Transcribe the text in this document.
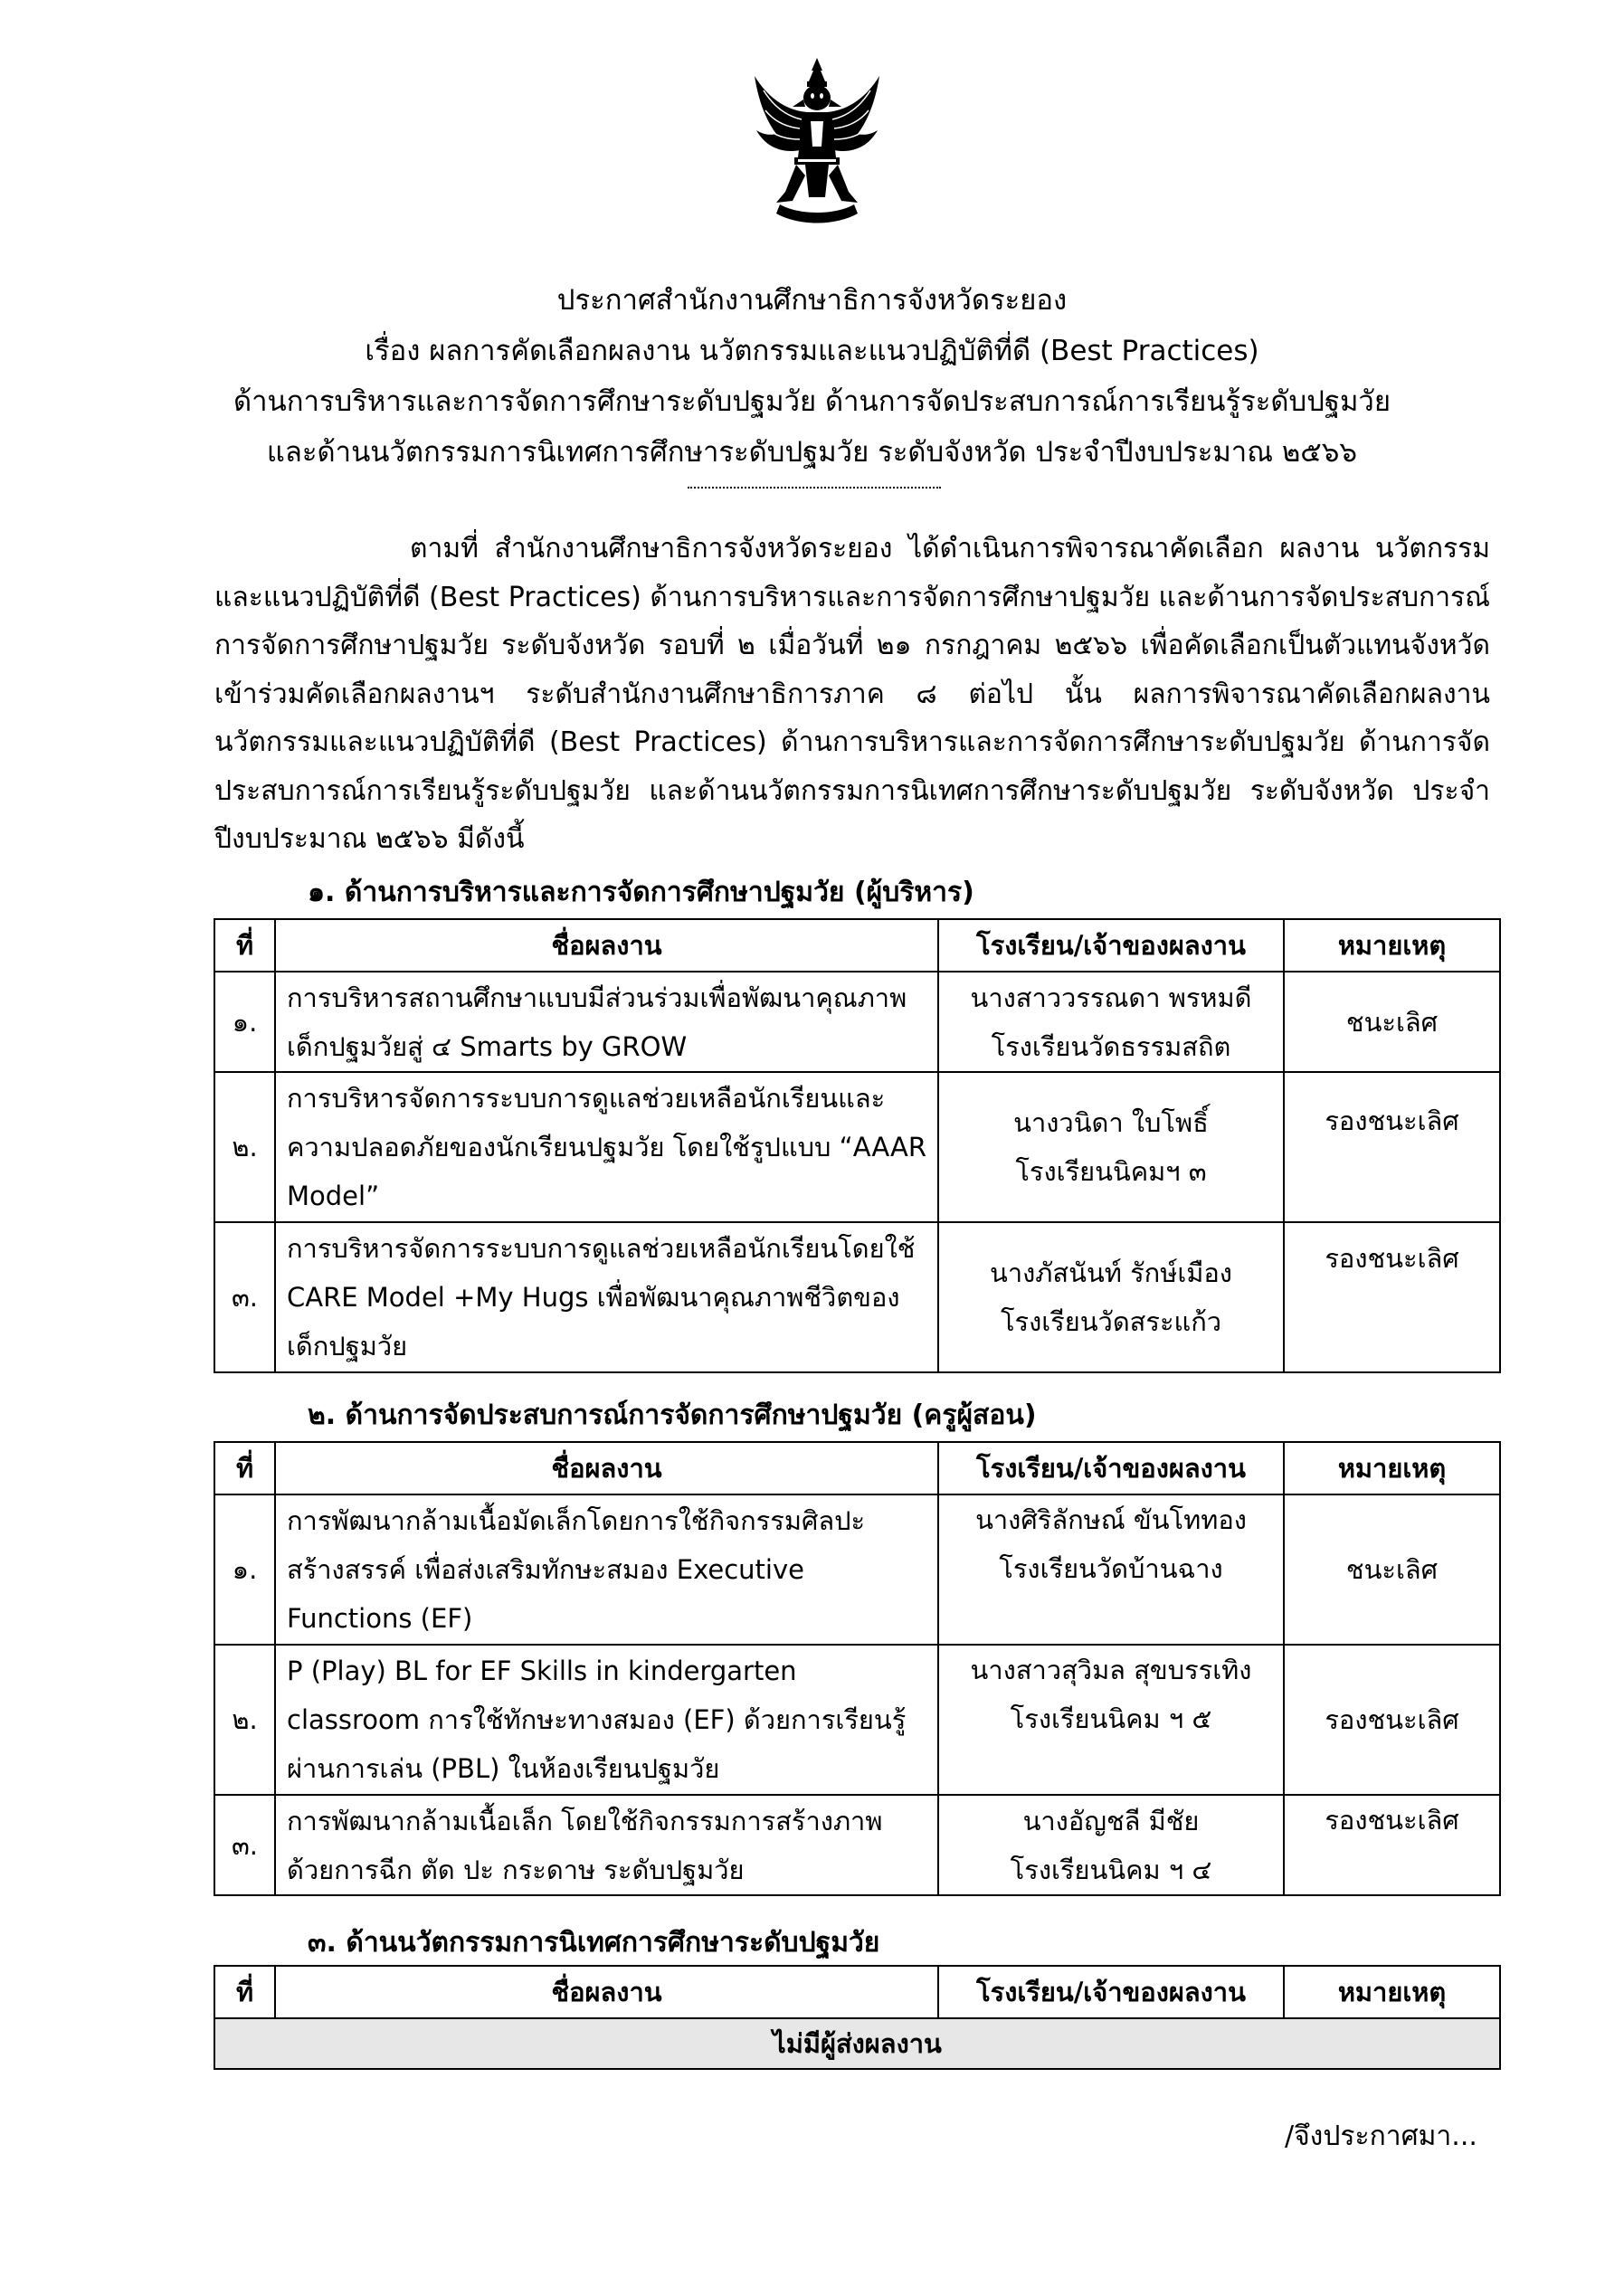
ประกาศสำนักงานศึกษาธิการจังหวัดระยอง
เรื่อง ผลการคัดเลือกผลงาน นวัตกรรมและแนวปฏิบัติที่ดี (Best Practices)
ด้านการบริหารและการจัดการศึกษาระดับปฐมวัย ด้านการจัดประสบการณ์การเรียนรู้ระดับปฐมวัย
และด้านนวัตกรรมการนิเทศการศึกษาระดับปฐมวัย ระดับจังหวัด ประจำปีงบประมาณ ๒๕๖๖

ตามที่ สำนักงานศึกษาธิการจังหวัดระยอง ได้ดำเนินการพิจารณาคัดเลือก ผลงาน นวัตกรรมและแนวปฏิบัติที่ดี (Best Practices) ด้านการบริหารและการจัดการศึกษาปฐมวัย และด้านการจัดประสบการณ์การจัดการศึกษาปฐมวัย ระดับจังหวัด รอบที่ ๒ เมื่อวันที่ ๒๑ กรกฎาคม ๒๕๖๖ เพื่อคัดเลือกเป็นตัวแทนจังหวัดเข้าร่วมคัดเลือกผลงานฯ ระดับสำนักงานศึกษาธิการภาค ๘ ต่อไป นั้น ผลการพิจารณาคัดเลือกผลงาน นวัตกรรมและแนวปฏิบัติที่ดี (Best Practices) ด้านการบริหารและการจัดการศึกษาระดับปฐมวัย ด้านการจัดประสบการณ์การเรียนรู้ระดับปฐมวัย และด้านนวัตกรรมการนิเทศการศึกษาระดับปฐมวัย ระดับจังหวัด ประจำปีงบประมาณ ๒๕๖๖ มีดังนี้

๑. ด้านการบริหารและการจัดการศึกษาปฐมวัย (ผู้บริหาร)
ที่	ชื่อผลงาน	โรงเรียน/เจ้าของผลงาน	หมายเหตุ
๑.	การบริหารสถานศึกษาแบบมีส่วนร่วมเพื่อพัฒนาคุณภาพเด็กปฐมวัยสู่ ๔ Smarts by GROW	นางสาววรรณดา พรหมดี
โรงเรียนวัดธรรมสถิต	ชนะเลิศ
๒.	การบริหารจัดการระบบการดูแลช่วยเหลือนักเรียนและความปลอดภัยของนักเรียนปฐมวัย โดยใช้รูปแบบ “AAAR Model”	นางวนิดา ใบโพธิ์
โรงเรียนนิคมฯ ๓	รองชนะเลิศ
๓.	การบริหารจัดการระบบการดูแลช่วยเหลือนักเรียนโดยใช้ CARE Model +My Hugs เพื่อพัฒนาคุณภาพชีวิตของเด็กปฐมวัย	นางภัสนันท์ รักษ์เมือง
โรงเรียนวัดสระแก้ว	รองชนะเลิศ
๒. ด้านการจัดประสบการณ์การจัดการศึกษาปฐมวัย (ครูผู้สอน)
ที่	ชื่อผลงาน	โรงเรียน/เจ้าของผลงาน	หมายเหตุ
๑.	การพัฒนากล้ามเนื้อมัดเล็กโดยการใช้กิจกรรมศิลปะสร้างสรรค์ เพื่อส่งเสริมทักษะสมอง Executive Functions (EF)	นางศิริลักษณ์ ขันโททอง
โรงเรียนวัดบ้านฉาง	ชนะเลิศ
๒.	P (Play) BL for EF Skills in kindergarten classroom การใช้ทักษะทางสมอง (EF) ด้วยการเรียนรู้ผ่านการเล่น (PBL) ในห้องเรียนปฐมวัย	นางสาวสุวิมล สุขบรรเทิง
โรงเรียนนิคม ฯ ๕	รองชนะเลิศ
๓.	การพัฒนากล้ามเนื้อเล็ก โดยใช้กิจกรรมการสร้างภาพด้วยการฉีก ตัด ปะ กระดาษ ระดับปฐมวัย	นางอัญชลี มีชัย
โรงเรียนนิคม ฯ ๔	รองชนะเลิศ
๓. ด้านนวัตกรรมการนิเทศการศึกษาระดับปฐมวัย
ที่	ชื่อผลงาน	โรงเรียน/เจ้าของผลงาน	หมายเหตุ
ไม่มีผู้ส่งผลงาน
/จึงประกาศมา...
